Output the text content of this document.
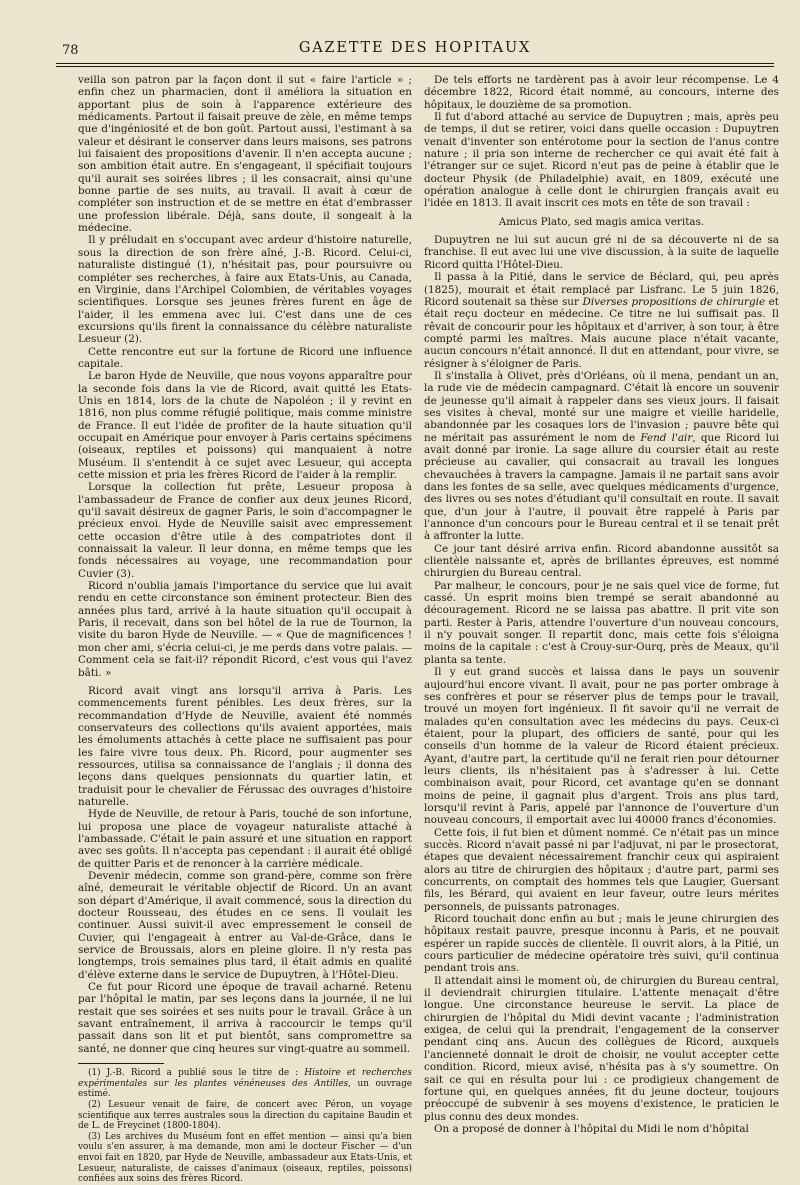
78	GAZETTE DES HOPITAUX

veilla son patron par la façon dont il sut « faire l'article » ; enfin chez un pharmacien, dont il améliora la situation en apportant plus de soin à l'apparence extérieure des médicaments. Partout il faisait preuve de zèle, en même temps que d'ingéniosité et de bon goût. Partout aussi, l'estimant à sa valeur et désirant le conserver dans leurs maisons, ses patrons lui faisaient des propositions d'avenir. Il n'en accepta aucune ; son ambition était autre. En s'engageant, il spécifiait toujours qu'il aurait ses soirées libres ; il les consacrait, ainsi qu'une bonne partie de ses nuits, au travail. Il avait à cœur de compléter son instruction et de se mettre en état d'embrasser une profession libérale. Déjà, sans doute, il songeait à la médecine.

Il y préludait en s'occupant avec ardeur d'histoire naturelle, sous la direction de son frère aîné, J.-B. Ricord. Celui-ci, naturaliste distingué (1), n'hésitait pas, pour poursuivre ou compléter ses recherches, à faire aux Etats-Unis, au Canada, en Virginie, dans l'Archipel Colombien, de véritables voyages scientifiques. Lorsque ses jeunes frères furent en âge de l'aider, il les emmena avec lui. C'est dans une de ces excursions qu'ils firent la connaissance du célèbre naturaliste Lesueur (2).

Cette rencontre eut sur la fortune de Ricord une influence capitale.

Le baron Hyde de Neuville, que nous voyons apparaître pour la seconde fois dans la vie de Ricord, avait quitté les Etats-Unis en 1814, lors de la chute de Napoléon ; il y revint en 1816, non plus comme réfugié politique, mais comme ministre de France. Il eut l'idée de profiter de la haute situation qu'il occupait en Amérique pour envoyer à Paris certains spécimens (oiseaux, reptiles et poissons) qui manquaient à notre Muséum. Il s'entendit à ce sujet avec Lesueur, qui accepta cette mission et pria les frères Ricord de l'aider à la remplir.

Lorsque la collection fut prête, Lesueur proposa à l'ambassadeur de France de confier aux deux jeunes Ricord, qu'il savait désireux de gagner Paris, le soin d'accompagner le précieux envoi. Hyde de Neuville saisit avec empressement cette occasion d'être utile à des compatriotes dont il connaissait la valeur. Il leur donna, en même temps que les fonds nécessaires au voyage, une recommandation pour Cuvier (3).

Ricord n'oublia jamais l'importance du service que lui avait rendu en cette circonstance son éminent protecteur. Bien des années plus tard, arrivé à la haute situation qu'il occupait à Paris, il recevait, dans son bel hôtel de la rue de Tournon, la visite du baron Hyde de Neuville. — « Que de magnificences ! mon cher ami, s'écria celui-ci, je me perds dans votre palais. — Comment cela se fait-il? répondit Ricord, c'est vous qui l'avez bâti. »

Ricord avait vingt ans lorsqu'il arriva à Paris. Les commencements furent pénibles. Les deux frères, sur la recommandation d'Hyde de Neuville, avaient été nommés conservateurs des collections qu'ils avaient apportées, mais les émoluments attachés à cette place ne suffisaient pas pour les faire vivre tous deux. Ph. Ricord, pour augmenter ses ressources, utilisa sa connaissance de l'anglais ; il donna des leçons dans quelques pensionnats du quartier latin, et traduisit pour le chevalier de Férussac des ouvrages d'histoire naturelle.

Hyde de Neuville, de retour à Paris, touché de son infortune, lui proposa une place de voyageur naturaliste attaché à l'ambassade. C'était le pain assuré et une situation en rapport avec ses goûts. Il n'accepta pas cependant : il aurait été obligé de quitter Paris et de renoncer à la carrière médicale.

Devenir médecin, comme son grand-père, comme son frère aîné, demeurait le véritable objectif de Ricord. Un an avant son départ d'Amérique, il avait commencé, sous la direction du docteur Rousseau, des études en ce sens. Il voulait les continuer. Aussi suivit-il avec empressement le conseil de Cuvier, qui l'engageait à entrer au Val-de-Grâce, dans le service de Broussais, alors en pleine gloire. Il n'y resta pas longtemps, trois semaines plus tard, il était admis en qualité d'élève externe dans le service de Dupuytren, à l'Hôtel-Dieu.

Ce fut pour Ricord une époque de travail acharné. Retenu par l'hôpital le matin, par ses leçons dans la journée, il ne lui restait que ses soirées et ses nuits pour le travail. Grâce à un savant entraînement, il arriva à raccourcir le temps qu'il passait dans son lit et put bientôt, sans compromettre sa santé, ne donner que cinq heures sur vingt-quatre au sommeil.

(1) J.-B. Ricord a publié sous le titre de : Histoire et recherches expérimentales sur les plantes vénéneuses des Antilles, un ouvrage estimé.

(2) Lesueur venait de faire, de concert avec Péron, un voyage scientifique aux terres australes sous la direction du capitaine Baudin et de L. de Freycinet (1800-1804).

(3) Les archives du Muséum font en effet mention — ainsi qu'a bien voulu s'en assurer, à ma demande, mon ami le docteur Fischer — d'un envoi fait en 1820, par Hyde de Neuville, ambassadeur aux Etats-Unis, et Lesueur, naturaliste, de caisses d'animaux (oiseaux, reptiles, poissons) confiées aux soins des frères Ricord.

De tels efforts ne tardèrent pas à avoir leur récompense. Le 4 décembre 1822, Ricord était nommé, au concours, interne des hôpitaux, le douzième de sa promotion.

Il fut d'abord attaché au service de Dupuytren ; mais, après peu de temps, il dut se retirer, voici dans quelle occasion : Dupuytren venait d'inventer son entérotome pour la section de l'anus contre nature ; il pria son interne de rechercher ce qui avait été fait à l'étranger sur ce sujet. Ricord n'eut pas de peine à établir que le docteur Physik (de Philadelphie) avait, en 1809, exécuté une opération analogue à celle dont le chirurgien français avait eu l'idée en 1813. Il avait inscrit ces mots en tête de son travail :

Amicus Plato, sed magis amica veritas.

Dupuytren ne lui sut aucun gré ni de sa découverte ni de sa franchise. Il eut avec lui une vive discussion, à la suite de laquelle Ricord quitta l'Hôtel-Dieu.

Il passa à la Pitié, dans le service de Béclard, qui, peu après (1825), mourait et était remplacé par Lisfranc. Le 5 juin 1826, Ricord soutenait sa thèse sur Diverses propositions de chirurgie et était reçu docteur en médecine. Ce titre ne lui suffisait pas. Il rêvait de concourir pour les hôpitaux et d'arriver, à son tour, à être compté parmi les maîtres. Mais aucune place n'était vacante, aucun concours n'était annoncé. Il dut en attendant, pour vivre, se résigner à s'éloigner de Paris.

Il s'installa à Olivet, près d'Orléans, où il mena, pendant un an, la rude vie de médecin campagnard. C'était là encore un souvenir de jeunesse qu'il aimait à rappeler dans ses vieux jours. Il faisait ses visites à cheval, monté sur une maigre et vieille haridelle, abandonnée par les cosaques lors de l'invasion ; pauvre bête qui ne méritait pas assurément le nom de Fend l'air, que Ricord lui avait donné par ironie. La sage allure du coursier était au reste précieuse au cavalier, qui consacrait au travail les longues chevauchées à travers la campagne. Jamais il ne partait sans avoir dans les fontes de sa selle, avec quelques médicaments d'urgence, des livres ou ses notes d'étudiant qu'il consultait en route. Il savait que, d'un jour à l'autre, il pouvait être rappelé à Paris par l'annonce d'un concours pour le Bureau central et il se tenait prêt à affronter la lutte.

Ce jour tant désiré arriva enfin. Ricord abandonne aussitôt sa clientèle naissante et, après de brillantes épreuves, est nommé chirurgien du Bureau central.

Par malheur, le concours, pour je ne sais quel vice de forme, fut cassé. Un esprit moins bien trempé se serait abandonné au découragement. Ricord ne se laissa pas abattre. Il prit vite son parti. Rester à Paris, attendre l'ouverture d'un nouveau concours, il n'y pouvait songer. Il repartit donc, mais cette fois s'éloigna moins de la capitale : c'est à Crouy-sur-Ourq, près de Meaux, qu'il planta sa tente.

Il y eut grand succès et laissa dans le pays un souvenir aujourd'hui encore vivant. Il avait, pour ne pas porter ombrage à ses confrères et pour se réserver plus de temps pour le travail, trouvé un moyen fort ingénieux. Il fit savoir qu'il ne verrait de malades qu'en consultation avec les médecins du pays. Ceux-ci étaient, pour la plupart, des officiers de santé, pour qui les conseils d'un homme de la valeur de Ricord étaient précieux. Ayant, d'autre part, la certitude qu'il ne ferait rien pour détourner leurs clients, ils n'hésitaient pas à s'adresser à lui. Cette combinaison avait, pour Ricord, cet avantage qu'en se donnant moins de peine, il gagnait plus d'argent. Trois ans plus tard, lorsqu'il revint à Paris, appelé par l'annonce de l'ouverture d'un nouveau concours, il emportait avec lui 40000 francs d'économies.

Cette fois, il fut bien et dûment nommé. Ce n'était pas un mince succès. Ricord n'avait passé ni par l'adjuvat, ni par le prosectorat, étapes que devaient nécessairement franchir ceux qui aspiraient alors au titre de chirurgien des hôpitaux ; d'autre part, parmi ses concurrents, on comptait des hommes tels que Laugier, Guersant fils, les Bérard, qui avaient en leur faveur, outre leurs mérites personnels, de puissants patronages.

Ricord touchait donc enfin au but ; mais le jeune chirurgien des hôpitaux restait pauvre, presque inconnu à Paris, et ne pouvait espérer un rapide succès de clientèle. Il ouvrit alors, à la Pitié, un cours particulier de médecine opératoire très suivi, qu'il continua pendant trois ans.

Il attendait ainsi le moment où, de chirurgien du Bureau central, il deviendrait chirurgien titulaire. L'attente menaçait d'être longue. Une circonstance heureuse le servit. La place de chirurgien de l'hôpital du Midi devint vacante ; l'administration exigea, de celui qui la prendrait, l'engagement de la conserver pendant cinq ans. Aucun des collègues de Ricord, auxquels l'ancienneté donnait le droit de choisir, ne voulut accepter cette condition. Ricord, mieux avisé, n'hésita pas à s'y soumettre. On sait ce qui en résulta pour lui : ce prodigieux changement de fortune qui, en quelques années, fit du jeune docteur, toujours préoccupé de subvenir à ses moyens d'existence, le praticien le plus connu des deux mondes.

On a proposé de donner à l'hôpital du Midi le nom d'hôpital
